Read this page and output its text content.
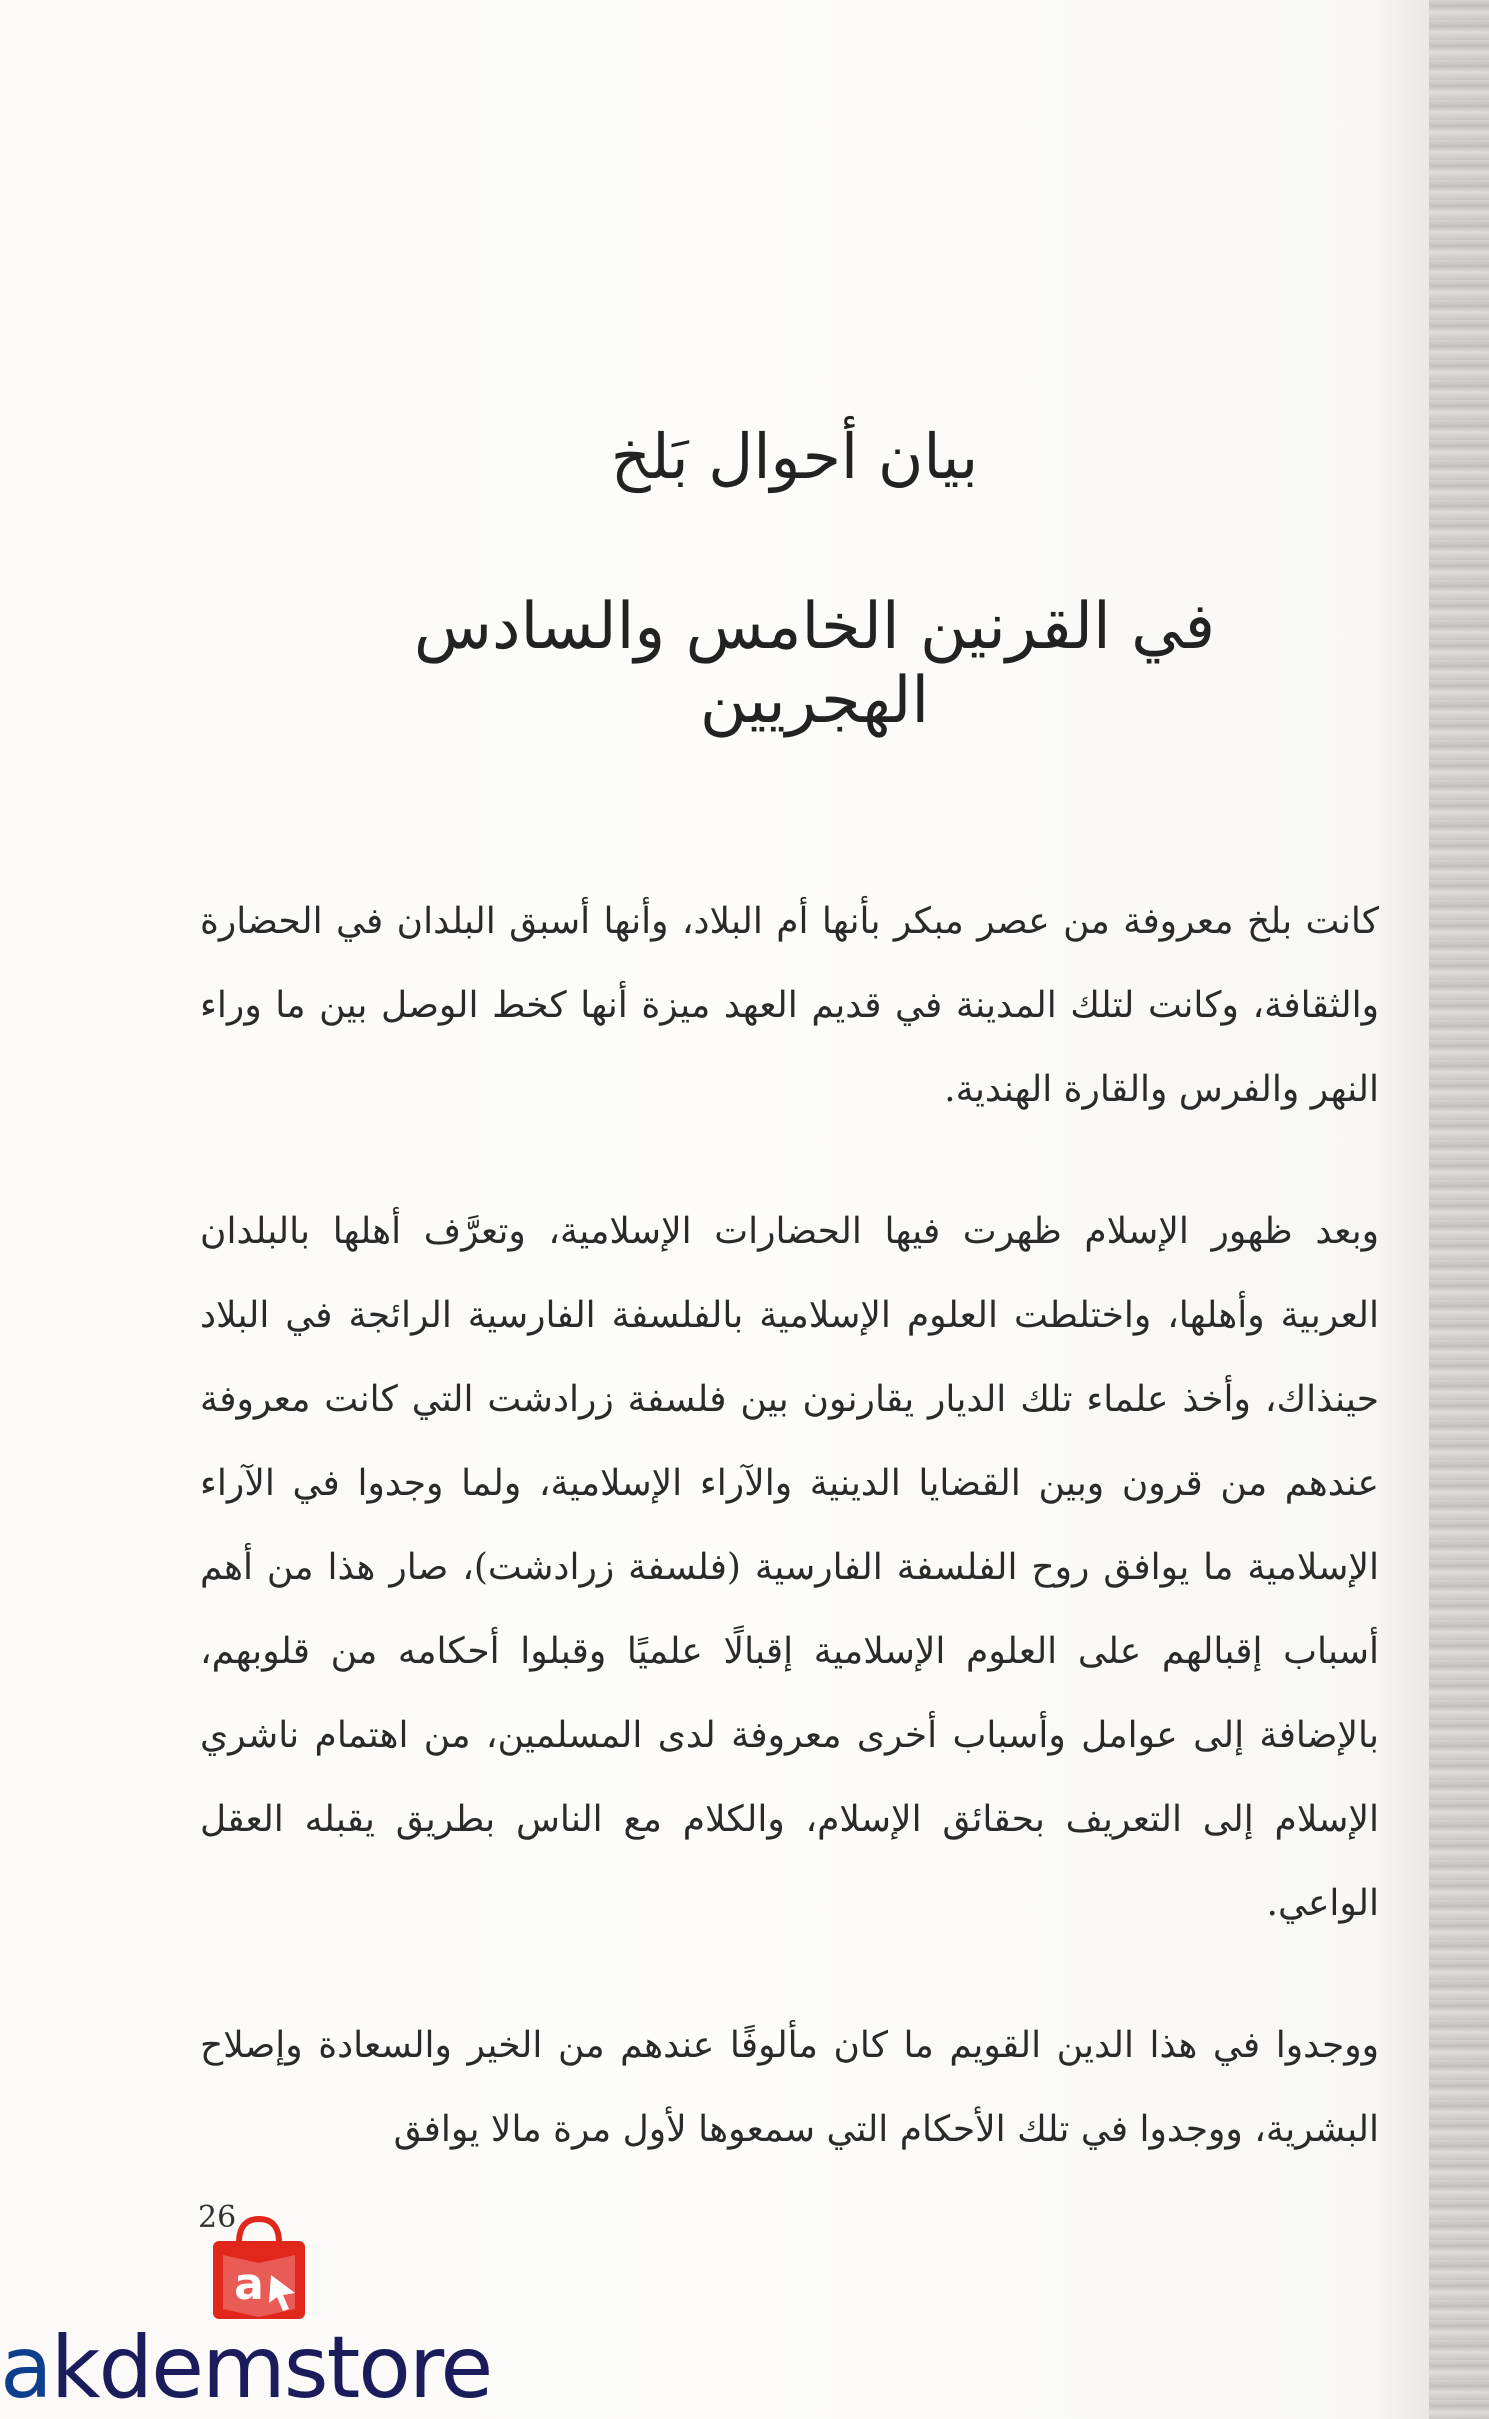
بيان أحوال بَلخ
في القرنين الخامس والسادس الهجريين

كانت بلخ معروفة من عصر مبكر بأنها أم البلاد، وأنها أسبق البلدان في الحضارة والثقافة، وكانت لتلك المدينة في قديم العهد ميزة أنها كخط الوصل بين ما وراء النهر والفرس والقارة الهندية.

وبعد ظهور الإسلام ظهرت فيها الحضارات الإسلامية، وتعرَّف أهلها بالبلدان العربية وأهلها، واختلطت العلوم الإسلامية بالفلسفة الفارسية الرائجة في البلاد حينذاك، وأخذ علماء تلك الديار يقارنون بين فلسفة زرادشت التي كانت معروفة عندهم من قرون وبين القضايا الدينية والآراء الإسلامية، ولما وجدوا في الآراء الإسلامية ما يوافق روح الفلسفة الفارسية (فلسفة زرادشت)، صار هذا من أهم أسباب إقبالهم على العلوم الإسلامية إقبالًا علميًا وقبلوا أحكامه من قلوبهم، بالإضافة إلى عوامل وأسباب أخرى معروفة لدى المسلمين، من اهتمام ناشري الإسلام إلى التعريف بحقائق الإسلام، والكلام مع الناس بطريق يقبله العقل الواعي.

ووجدوا في هذا الدين القويم ما كان مألوفًا عندهم من الخير والسعادة وإصلاح البشرية، ووجدوا في تلك الأحكام التي سمعوها لأول مرة مالا يوافق

26
a
akdemstore
